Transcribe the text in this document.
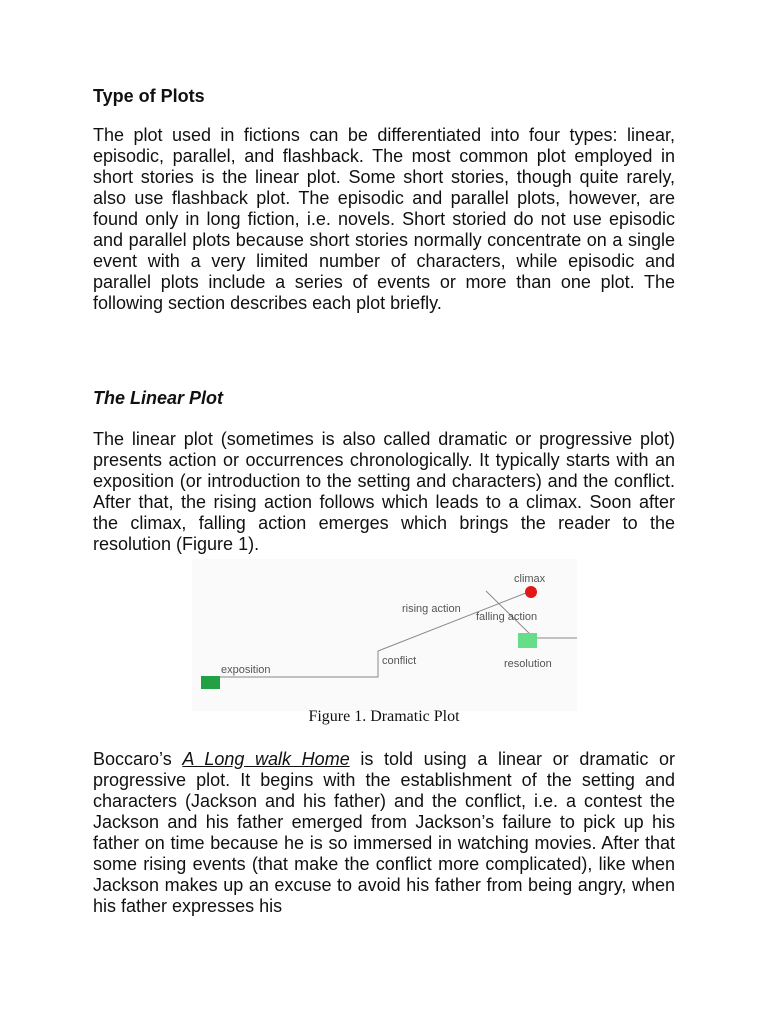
Type of Plots

The plot used in fictions can be differentiated into four types: linear, episodic, parallel, and flashback. The most common plot employed in short stories is the linear plot. Some short stories, though quite rarely, also use flashback plot. The episodic and parallel plots, however, are found only in long fiction, i.e. novels. Short storied do not use episodic and parallel plots because short stories normally concentrate on a single event with a very limited number of characters, while episodic and parallel plots include a series of events or more than one plot. The following section describes each plot briefly.

The Linear Plot

The linear plot (sometimes is also called dramatic or progressive plot) presents action or occurrences chronologically. It typically starts with an exposition (or introduction to the setting and characters) and the conflict. After that, the rising action follows which leads to a climax. Soon after the climax, falling action emerges which brings the reader to the resolution (Figure 1).

climax
rising action
falling action
conflict
exposition	resolution
Figure 1. Dramatic Plot

Boccaro’s A Long walk Home is told using a linear or dramatic or progressive plot. It begins with the establishment of the setting and characters (Jackson and his father) and the conflict, i.e. a contest the Jackson and his father emerged from Jackson’s failure to pick up his father on time because he is so immersed in watching movies. After that some rising events (that make the conflict more complicated), like when Jackson makes up an excuse to avoid his father from being angry, when his father expresses his
